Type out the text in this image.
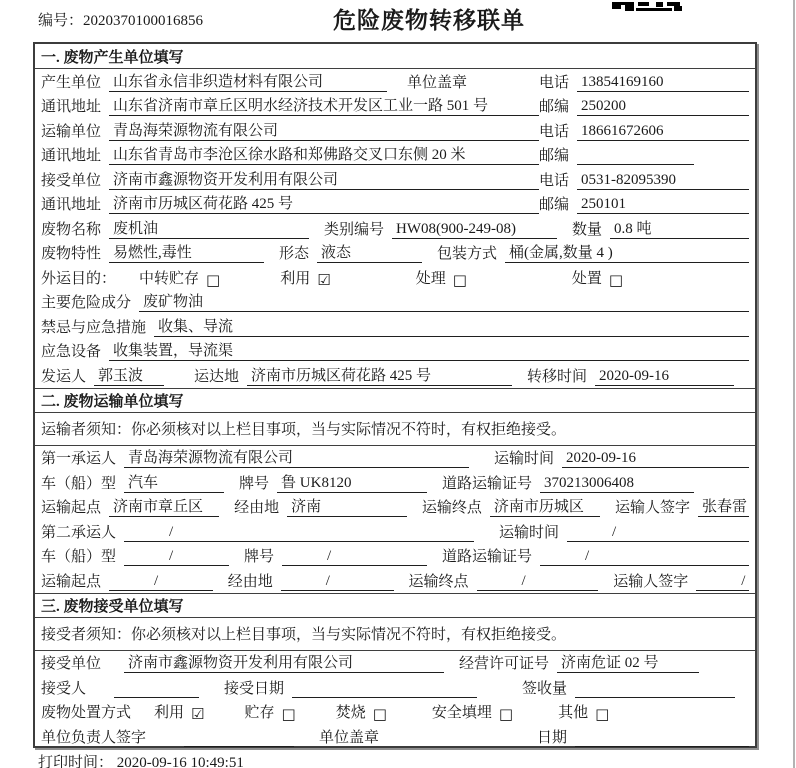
编号：2020370100016856	危险废物转移联单
一. 废物产生单位填写
产生单位 山东省永信非织造材料有限公司	单位盖章	电话 13854169160
通讯地址 山东省济南市章丘区明水经济技术开发区工业一路 501 号	邮编 250200
运输单位 青岛海荣源物流有限公司	电话 18661672606
通讯地址 山东省青岛市李沧区徐水路和郑佛路交叉口东侧 20 米	邮编
接受单位 济南市鑫源物资开发利用有限公司	电话 0531-82095390
通讯地址 济南市历城区荷花路 425 号	邮编 250101
废物名称 废机油	类别编号 HW08(900-249-08)	数量 0.8 吨
废物特性 易燃性,毒性	形态 液态	包装方式 桶(金属,数量 4 )
外运目的： 中转贮存 □	利用 ☑	处理 □	处置 □
主要危险成分 废矿物油
禁忌与应急措施 收集、导流
应急设备 收集装置，导流渠
发运人 郭玉波	运达地 济南市历城区荷花路 425 号	转移时间 2020-09-16
二. 废物运输单位填写
运输者须知： 你必须核对以上栏目事项，当与实际情况不符时，有权拒绝接受。
第一承运人 青岛海荣源物流有限公司	运输时间 2020-09-16
车（船）型 汽车	牌号 鲁 UK8120	道路运输证号 370213006408
运输起点 济南市章丘区	经由地 济南	运输终点 济南市历城区	运输人签字 张春雷
第二承运人	/	运输时间	/
车（船）型	/	牌号	/	道路运输证号	/
运输起点	/	经由地	/	运输终点	/	运输人签字	/
三. 废物接受单位填写
接受者须知： 你必须核对以上栏目事项，当与实际情况不符时，有权拒绝接受。
接受单位 济南市鑫源物资开发利用有限公司	经营许可证号 济南危证 02 号
接受人	接受日期	签收量
废物处置方式 利用 ☑	贮存 □	焚烧 □	安全填埋 □	其他 □
单位负责人签字	单位盖章	日期
打印时间： 2020-09-16 10:49:51
